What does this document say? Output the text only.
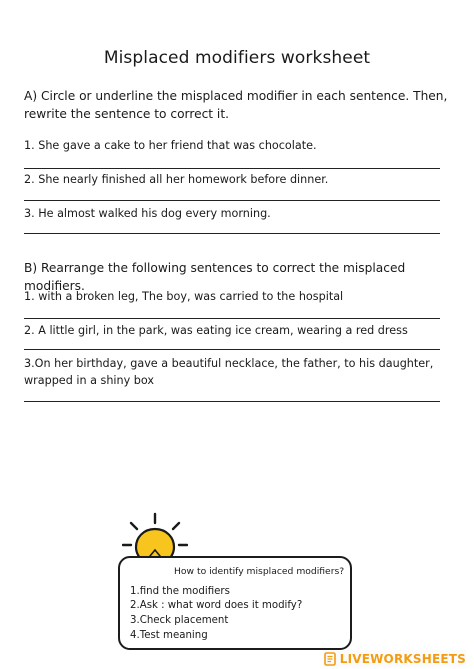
Misplaced modifiers worksheet
A) Circle or underline the misplaced modifier in each sentence. Then, rewrite the sentence to correct it.
1. She gave a cake to her friend that was chocolate.
2. She nearly finished all her homework before dinner.
3. He almost walked his dog every morning.
B) Rearrange the following sentences to correct the misplaced modifiers.
1. with a broken leg, The boy, was carried to the hospital
2. A little girl, in the park, was eating ice cream, wearing a red dress
3.On her birthday, gave a beautiful necklace, the father, to his daughter, wrapped in a shiny box
How to identify misplaced modifiers?
1.find the modifiers
2.Ask : what word does it modify?
3.Check placement
4.Test meaning
LIVEWORKSHEETS
